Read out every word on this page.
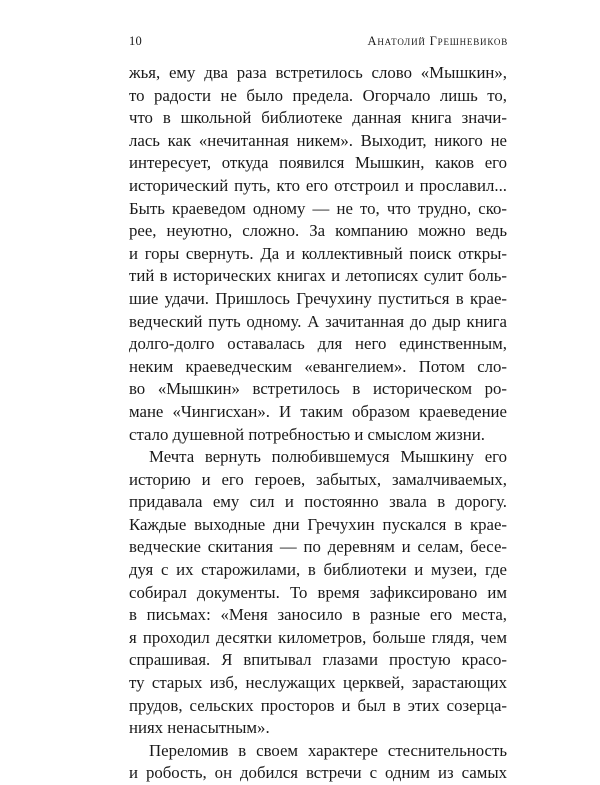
10	Анатолий Грешневиков
жья, ему два раза встретилось слово «Мышкин»,
то радости не было предела. Огорчало лишь то,
что в школьной библиотеке данная книга значи-
лась как «нечитанная никем». Выходит, никого не
интересует, откуда появился Мышкин, каков его
исторический путь, кто его отстроил и прославил...
Быть краеведом одному — не то, что трудно, ско-
рее, неуютно, сложно. За компанию можно ведь
и горы свернуть. Да и коллективный поиск откры-
тий в исторических книгах и летописях сулит боль-
шие удачи. Пришлось Гречухину пуститься в крае-
ведческий путь одному. А зачитанная до дыр книга
долго-долго оставалась для него единственным,
неким краеведческим «евангелием». Потом сло-
во «Мышкин» встретилось в историческом ро-
мане «Чингисхан». И таким образом краеведение
стало душевной потребностью и смыслом жизни.
Мечта вернуть полюбившемуся Мышкину его
историю и его героев, забытых, замалчиваемых,
придавала ему сил и постоянно звала в дорогу.
Каждые выходные дни Гречухин пускался в крае-
ведческие скитания — по деревням и селам, бесе-
дуя с их старожилами, в библиотеки и музеи, где
собирал документы. То время зафиксировано им
в письмах: «Меня заносило в разные его места,
я проходил десятки километров, больше глядя, чем
спрашивая. Я впитывал глазами простую красо-
ту старых изб, неслужащих церквей, зарастающих
прудов, сельских просторов и был в этих созерца-
ниях ненасытным».
Переломив в своем характере стеснительность
и робость, он добился встречи с одним из самых
